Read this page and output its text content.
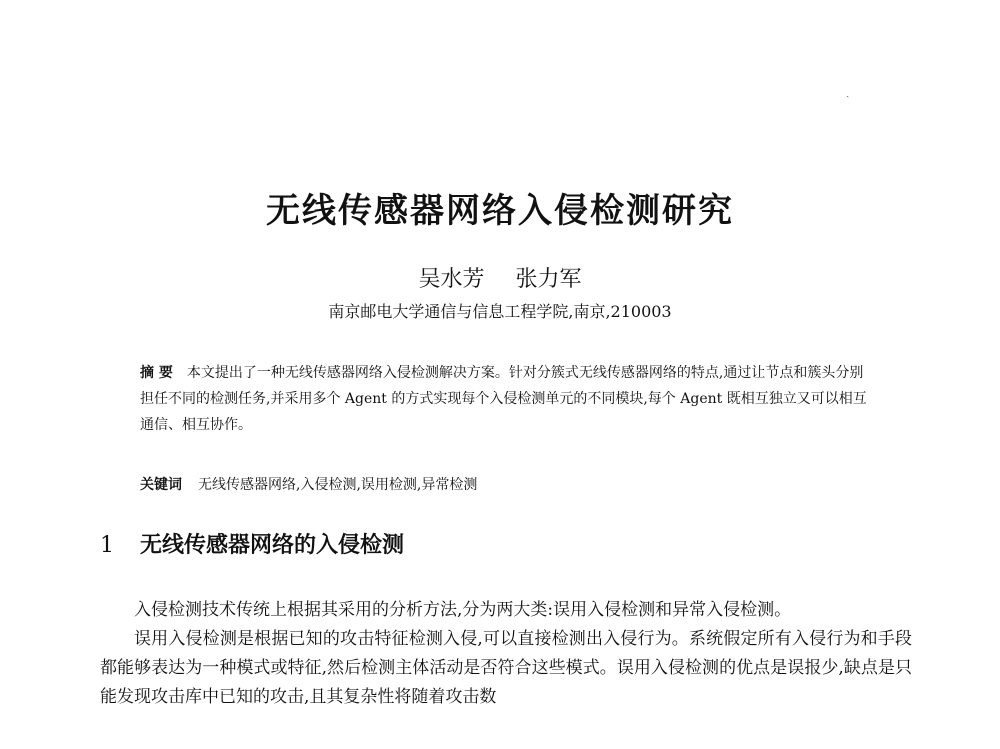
ˎ
无线传感器网络入侵检测研究
吴水芳 张力军
南京邮电大学通信与信息工程学院,南京,210003
摘 要 本文提出了一种无线传感器网络入侵检测解决方案。针对分簇式无线传感器网络的特点,通过让节点和簇头分别担任不同的检测任务,并采用多个 Agent 的方式实现每个入侵检测单元的不同模块,每个 Agent 既相互独立又可以相互通信、相互协作。
关键词 无线传感器网络,入侵检测,误用检测,异常检测
1 无线传感器网络的入侵检测

入侵检测技术传统上根据其采用的分析方法,分为两大类:误用入侵检测和异常入侵检测。

误用入侵检测是根据已知的攻击特征检测入侵,可以直接检测出入侵行为。系统假定所有入侵行为和手段都能够表达为一种模式或特征,然后检测主体活动是否符合这些模式。误用入侵检测的优点是误报少,缺点是只能发现攻击库中已知的攻击,且其复杂性将随着攻击数
